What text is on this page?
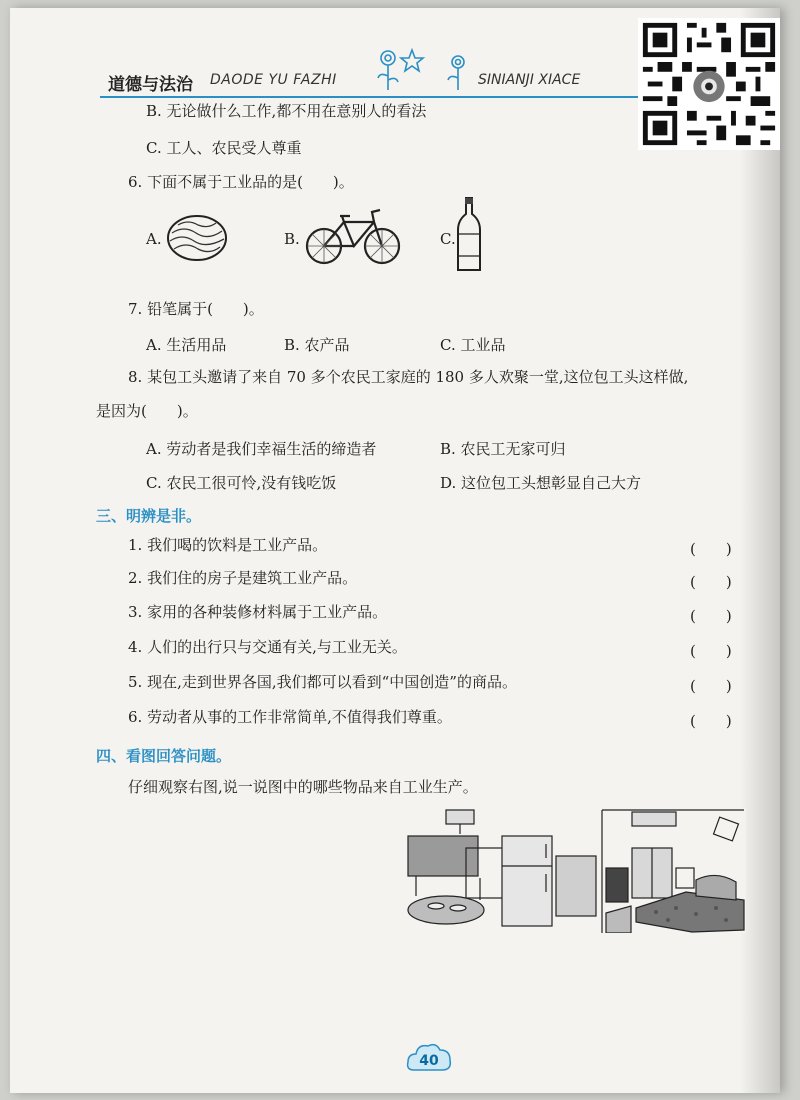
道德与法治 DAODE YU FAZHI	SINIANJI XIACE
B. 无论做什么工作,都不用在意别人的看法
C. 工人、农民受人尊重
6. 下面不属于工业品的是(　　)。
A.	B.	C.
7. 铅笔属于(　　)。
A. 生活用品	B. 农产品	C. 工业品
8. 某包工头邀请了来自 70 多个农民工家庭的 180 多人欢聚一堂,这位包工头这样做,
是因为(　　)。
A. 劳动者是我们幸福生活的缔造者	B. 农民工无家可归
C. 农民工很可怜,没有钱吃饭	D. 这位包工头想彰显自己大方
三、明辨是非。
1. 我们喝的饮料是工业产品。	(　　)
2. 我们住的房子是建筑工业产品。	(　　)
3. 家用的各种装修材料属于工业产品。	(　　)
4. 人们的出行只与交通有关,与工业无关。	(　　)
5. 现在,走到世界各国,我们都可以看到“中国创造”的商品。	(　　)
6. 劳动者从事的工作非常简单,不值得我们尊重。	(　　)
四、看图回答问题。
仔细观察右图,说一说图中的哪些物品来自工业生产。
40
